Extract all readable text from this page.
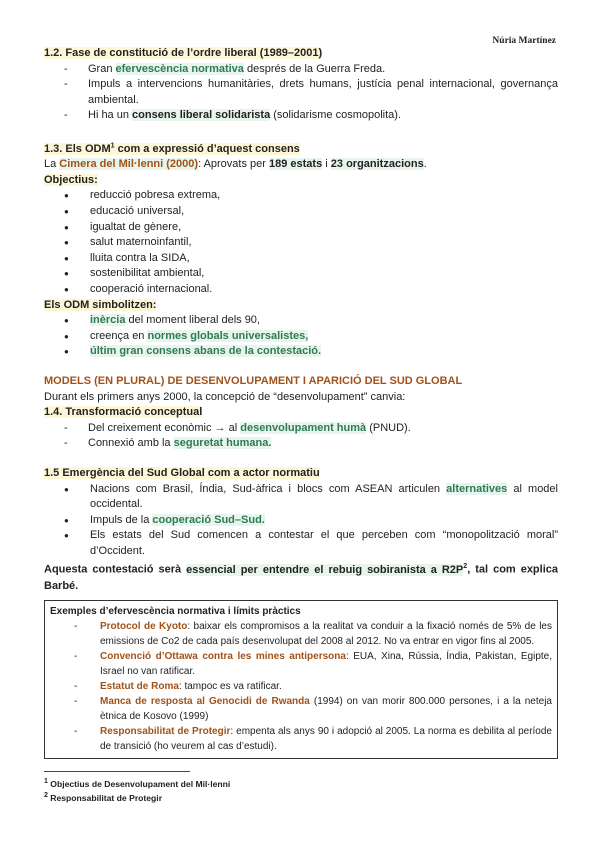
Núria Martínez
1.2. Fase de constitució de l’ordre liberal (1989–2001)
- Gran efervescència normativa després de la Guerra Freda.
- Impuls a intervencions humanitàries, drets humans, justícia penal internacional, governança ambiental.
- Hi ha un consens liberal solidarista (solidarisme cosmopolita).
1.3. Els ODM$^1$ com a expressió d’aquest consens
La Cimera del Mil·lenni (2000): Aprovats per 189 estats i 23 organitzacions.
Objectius:
● reducció pobresa extrema,
● educació universal,
● igualtat de gènere,
● salut maternoinfantil,
● lluita contra la SIDA,
● sostenibilitat ambiental,
● cooperació internacional.
Els ODM simbolitzen:
● inèrcia del moment liberal dels 90,
● creença en normes globals universalistes,
● últim gran consens abans de la contestació.
MODELS (EN PLURAL) DE DESENVOLUPAMENT I APARICIÓ DEL SUD GLOBAL
Durant els primers anys 2000, la concepció de “desenvolupament” canvia:
1.4. Transformació conceptual
- Del creixement econòmic → al desenvolupament humà (PNUD).
- Connexió amb la seguretat humana.
1.5 Emergència del Sud Global com a actor normatiu
● Nacions com Brasil, Índia, Sud-àfrica i blocs com ASEAN articulen alternatives al model occidental.
● Impuls de la cooperació Sud–Sud.
● Els estats del Sud comencen a contestar el que perceben com “monopolització moral” d’Occident.
Aquesta contestació serà essencial per entendre el rebuig sobiranista a $R2P^2$, tal com explica Barbé.
Exemples d’efervescència normativa i límits pràctics
- Protocol de Kyoto: baixar els compromisos a la realitat va conduir a la fixació només de 5% de les emissions de Co2 de cada país desenvolupat del 2008 al 2012. No va entrar en vigor fins al 2005.
- Convenció d’Ottawa contra les mines antipersona: EUA, Xina, Rússia, Índia, Pakistan, Egipte, Israel no van ratificar.
- Estatut de Roma: tampoc es va ratificar.
- Manca de resposta al Genocidi de Rwanda (1994) on van morir 800.000 persones, i a la neteja ètnica de Kosovo (1999)
- Responsabilitat de Protegir: empenta als anys 90 i adopció al 2005. La norma es debilita al període de transició (ho veurem al cas d’estudi).
$^1$ Objectius de Desenvolupament del Mil·lenni
$^2$ Responsabilitat de Protegir
